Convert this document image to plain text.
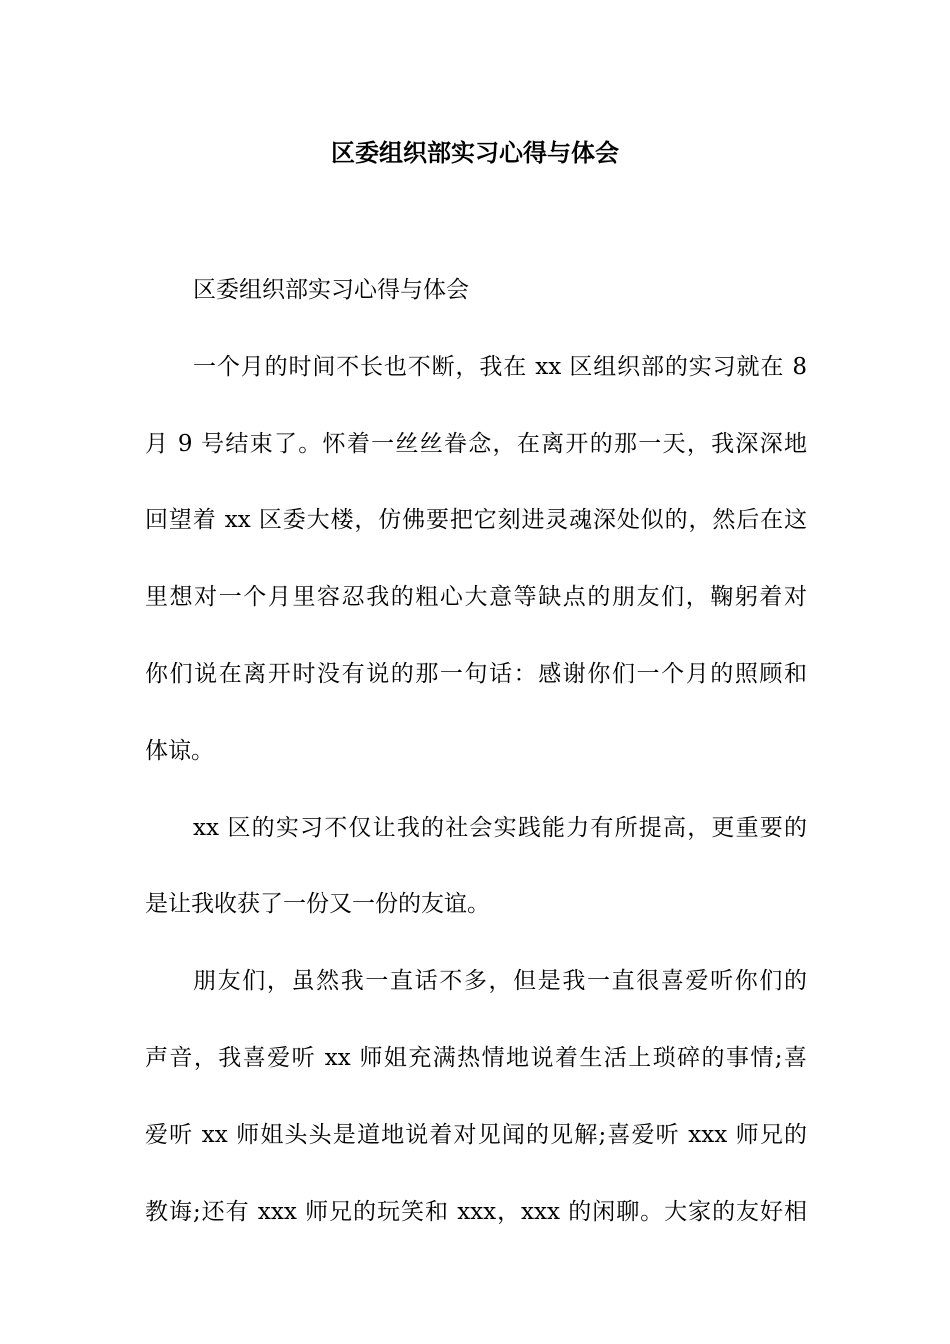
区委组织部实习心得与体会

区委组织部实习心得与体会

一个月的时间不长也不断，我在 xx 区组织部的实习就在 8
月 9 号结束了。怀着一丝丝眷念，在离开的那一天，我深深地
回望着 xx 区委大楼，仿佛要把它刻进灵魂深处似的，然后在这
里想对一个月里容忍我的粗心大意等缺点的朋友们，鞠躬着对
你们说在离开时没有说的那一句话：感谢你们一个月的照顾和
体谅。

xx 区的实习不仅让我的社会实践能力有所提高，更重要的
是让我收获了一份又一份的友谊。

朋友们，虽然我一直话不多，但是我一直很喜爱听你们的
声音，我喜爱听 xx 师姐充满热情地说着生活上琐碎的事情;喜
爱听 xx 师姐头头是道地说着对见闻的见解;喜爱听 xxx 师兄的
教诲;还有 xxx 师兄的玩笑和 xxx，xxx 的闲聊。大家的友好相
